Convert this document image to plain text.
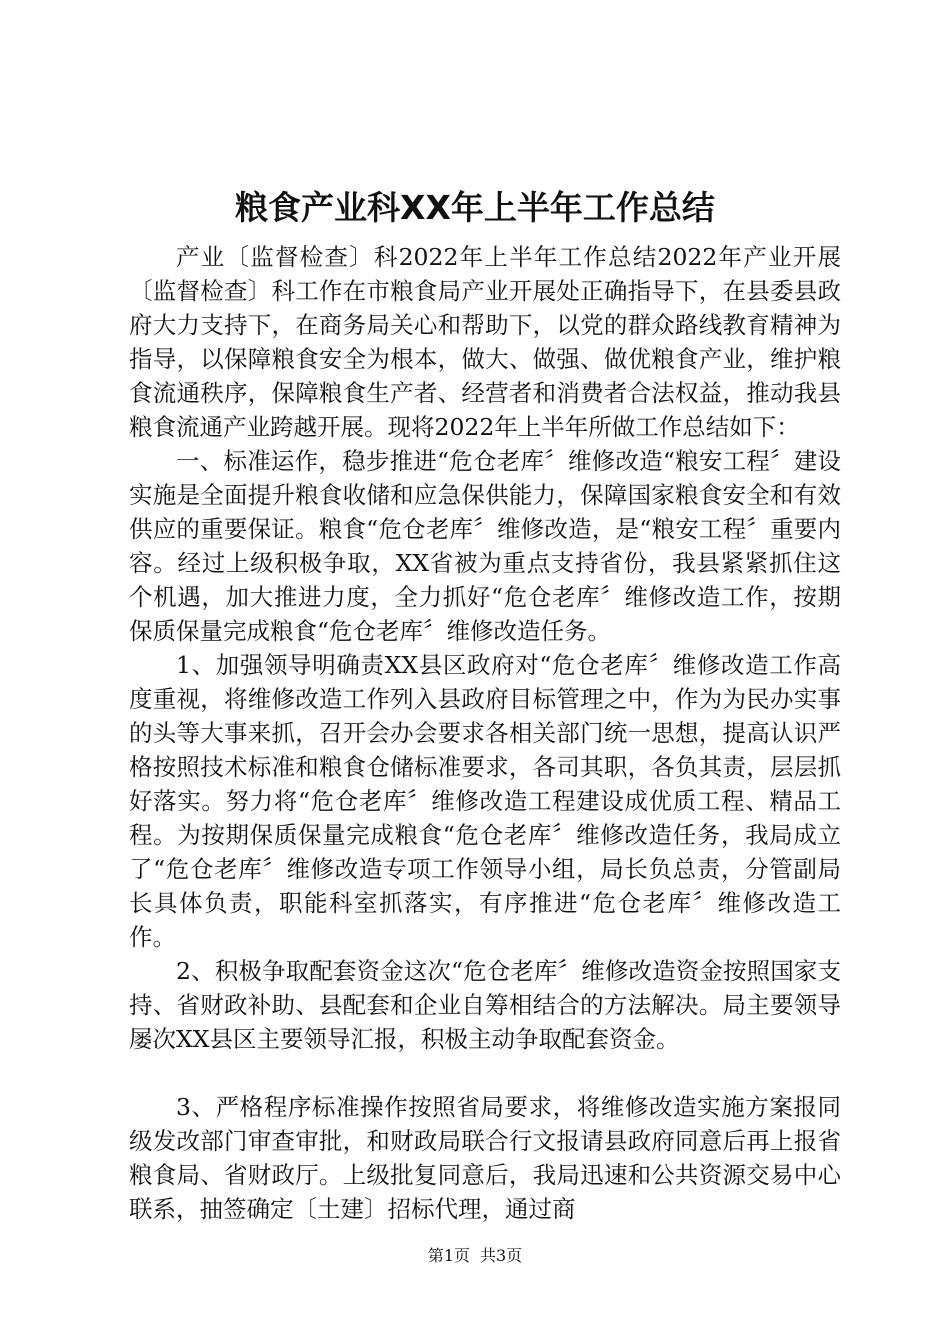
粮食产业科XX年上半年工作总结

产业〔监督检查〕科2022年上半年工作总结2022年产业开展〔监督检查〕科工作在市粮食局产业开展处正确指导下，在县委县政府大力支持下，在商务局关心和帮助下，以党的群众路线教育精神为指导，以保障粮食安全为根本，做大、做强、做优粮食产业，维护粮食流通秩序，保障粮食生产者、经营者和消费者合法权益，推动我县粮食流通产业跨越开展。现将2022年上半年所做工作总结如下：

一、标准运作，稳步推进“危仓老库〞维修改造“粮安工程〞建设实施是全面提升粮食收储和应急保供能力，保障国家粮食安全和有效供应的重要保证。粮食“危仓老库〞维修改造，是“粮安工程〞重要内容。经过上级积极争取，XX省被为重点支持省份，我县紧紧抓住这个机遇，加大推进力度，全力抓好“危仓老库〞维修改造工作，按期保质保量完成粮食“危仓老库〞维修改造任务。

1、加强领导明确责XX县区政府对“危仓老库〞维修改造工作高度重视，将维修改造工作列入县政府目标管理之中，作为为民办实事的头等大事来抓，召开会办会要求各相关部门统一思想，提高认识严格按照技术标准和粮食仓储标准要求，各司其职，各负其责，层层抓好落实。努力将“危仓老库〞维修改造工程建设成优质工程、精品工程。为按期保质保量完成粮食“危仓老库〞维修改造任务，我局成立了“危仓老库〞维修改造专项工作领导小组，局长负总责，分管副局长具体负责，职能科室抓落实，有序推进“危仓老库〞维修改造工作。

2、积极争取配套资金这次“危仓老库〞维修改造资金按照国家支持、省财政补助、县配套和企业自筹相结合的方法解决。局主要领导屡次XX县区主要领导汇报，积极主动争取配套资金。

3、严格程序标准操作按照省局要求，将维修改造实施方案报同级发改部门审查审批，和财政局联合行文报请县政府同意后再上报省粮食局、省财政厅。上级批复同意后，我局迅速和公共资源交易中心联系，抽签确定〔土建〕招标代理，通过商

第1页 共3页
